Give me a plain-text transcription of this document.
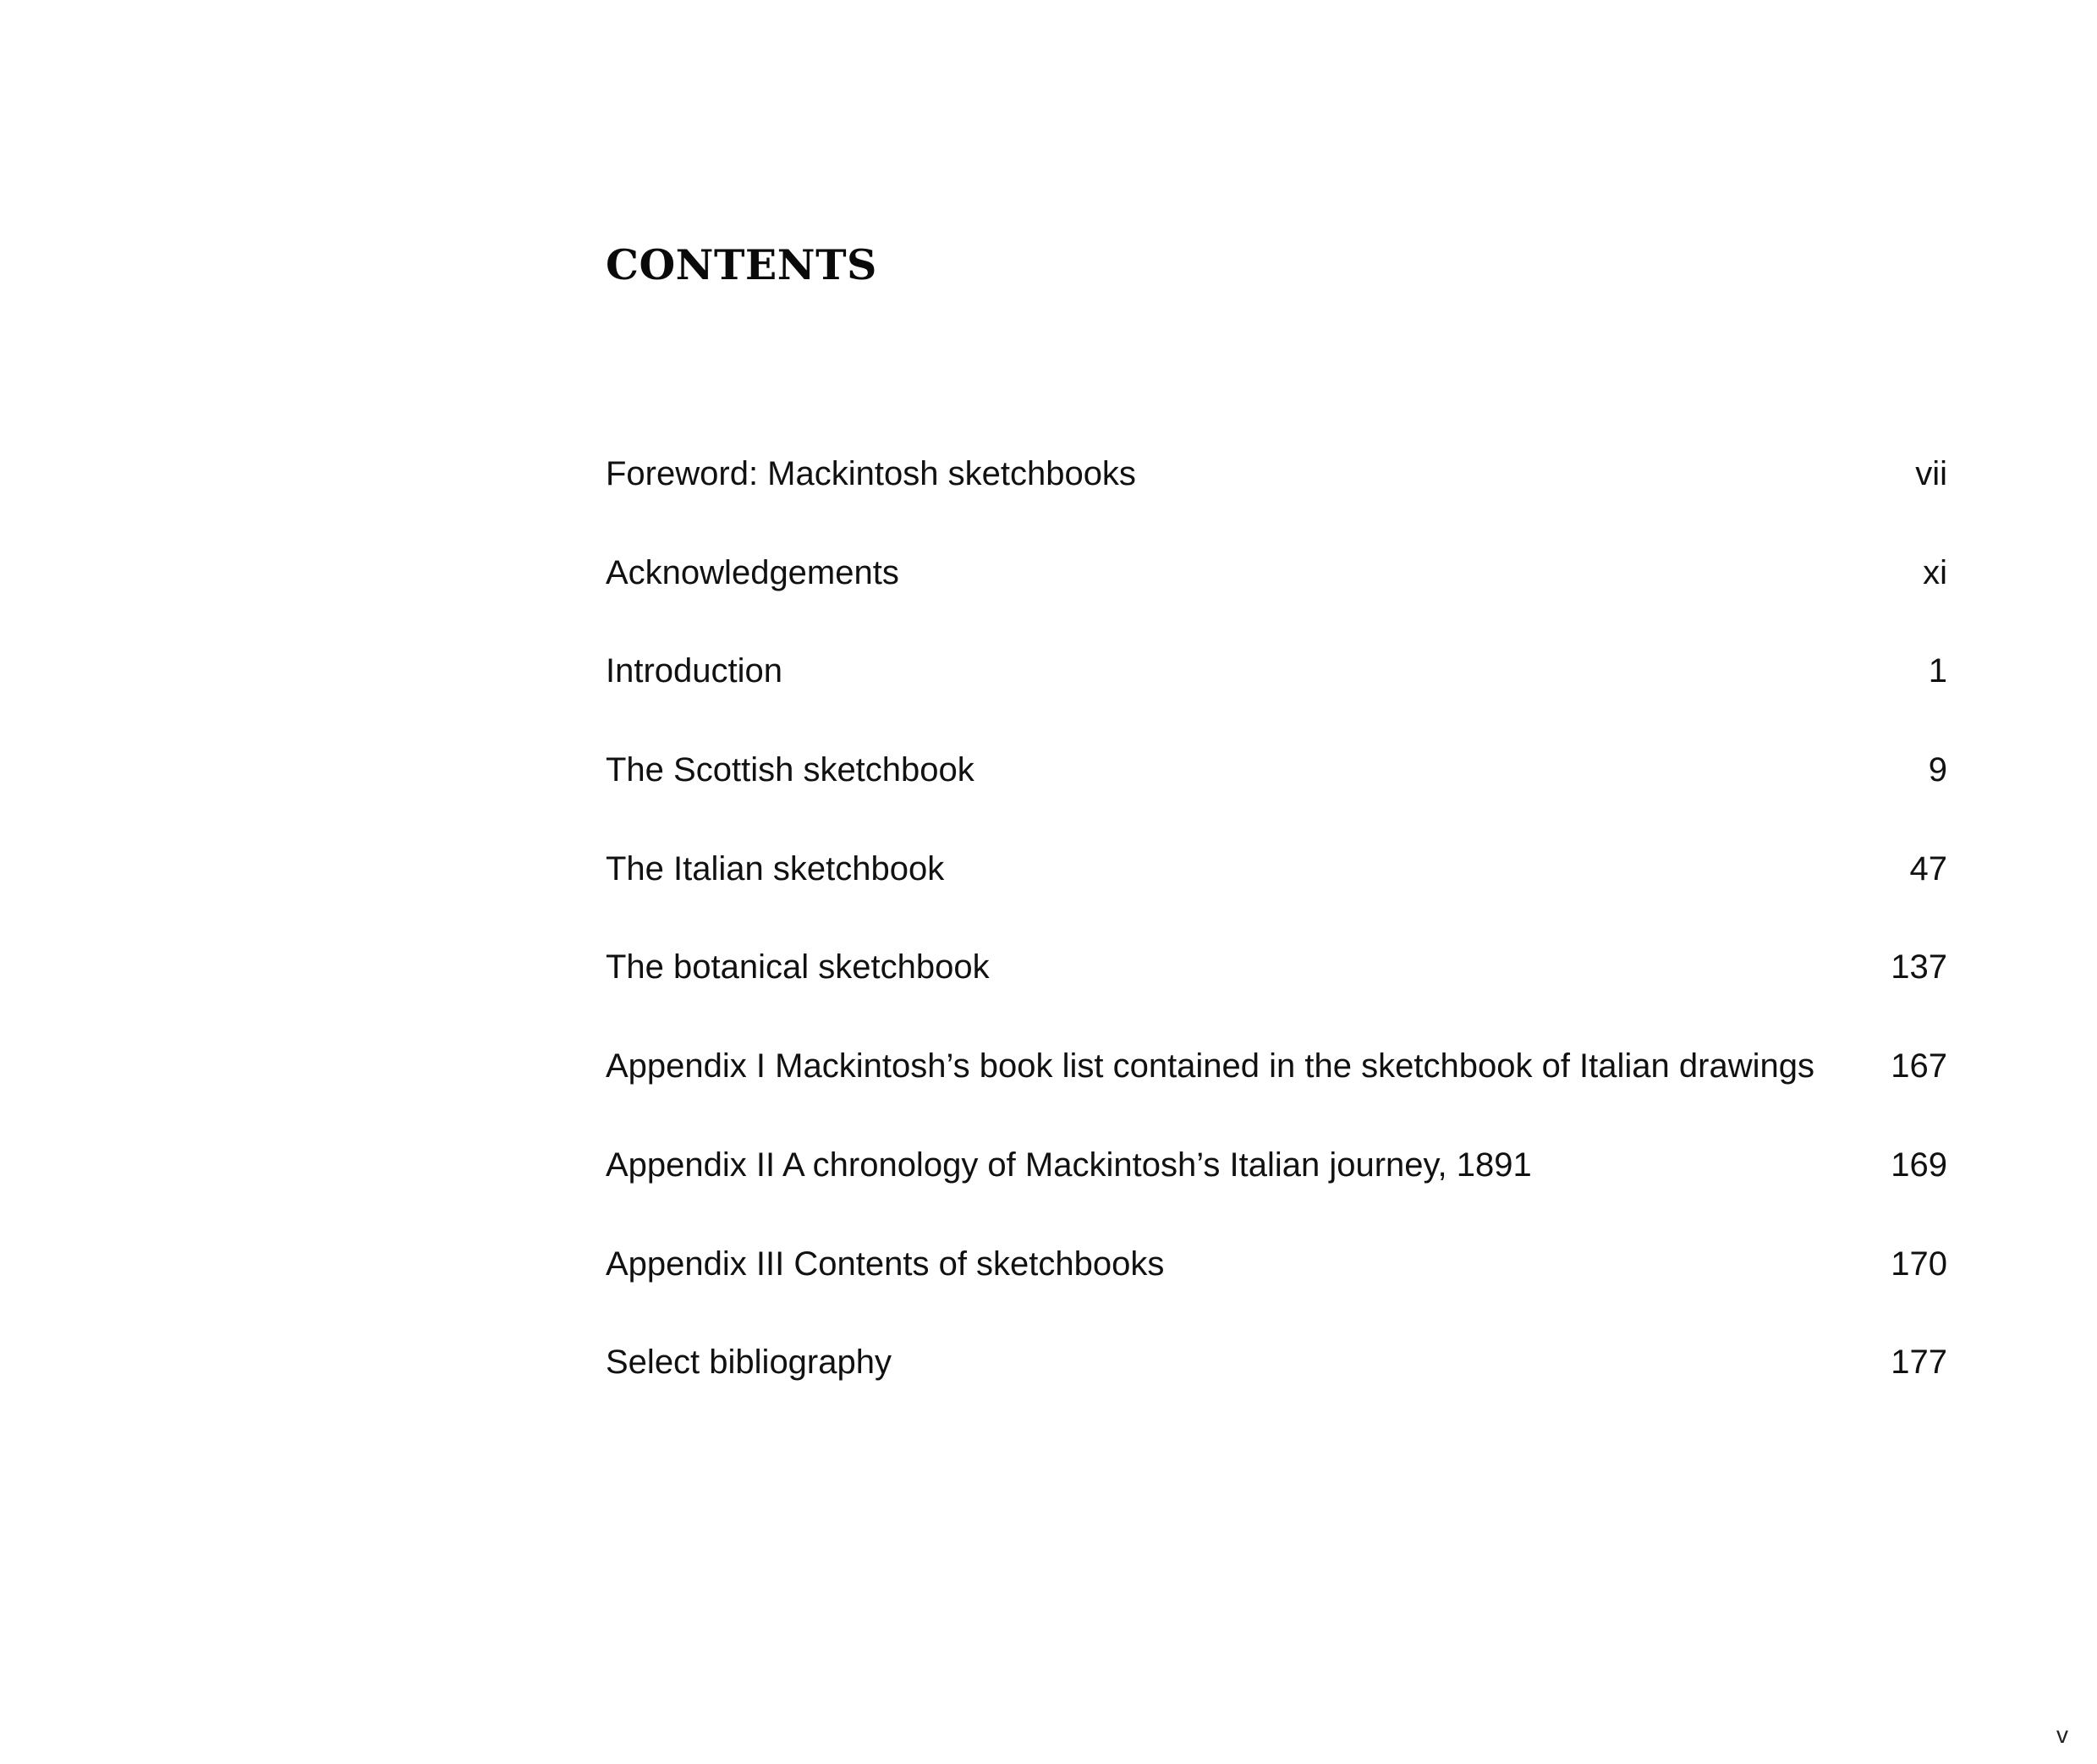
CONTENTS
Foreword: Mackintosh sketchbooks	vii
Acknowledgements	xi
Introduction	1
The Scottish sketchbook	9
The Italian sketchbook	47
The botanical sketchbook	137
Appendix I Mackintosh’s book list contained in the sketchbook of Italian drawings 167
Appendix II A chronology of Mackintosh’s Italian journey, 1891	169
Appendix III Contents of sketchbooks	170
Select bibliography	177
v
